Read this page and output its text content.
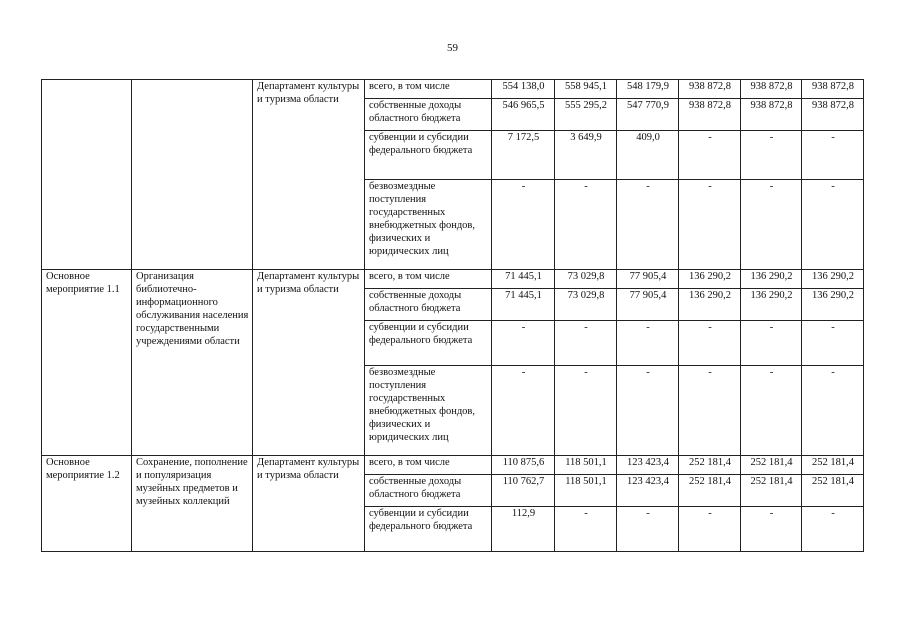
59
		Департамент культуры и туризма области	всего, в том числе	554 138,0	558 945,1	548 179,9	938 872,8	938 872,8	938 872,8
			собственные доходы областного бюджета	546 965,5	555 295,2	547 770,9	938 872,8	938 872,8	938 872,8
			субвенции и субсидии федерального бюджета	7 172,5	3 649,9	409,0	-	-	-
			безвозмездные поступления государственных внебюджетных фондов, физических и юридических лиц	-	-	-	-	-	-
Основное мероприятие 1.1	Организация библиотечно-информационного обслуживания населения государственными учреждениями области	Департамент культуры и туризма области	всего, в том числе	71 445,1	73 029,8	77 905,4	136 290,2	136 290,2	136 290,2
			собственные доходы областного бюджета	71 445,1	73 029,8	77 905,4	136 290,2	136 290,2	136 290,2
			субвенции и субсидии федерального бюджета	-	-	-	-	-	-
			безвозмездные поступления государственных внебюджетных фондов, физических и юридических лиц	-	-	-	-	-	-
Основное мероприятие 1.2	Сохранение, пополнение и популяризация музейных предметов и музейных коллекций	Департамент культуры и туризма области	всего, в том числе	110 875,6	118 501,1	123 423,4	252 181,4	252 181,4	252 181,4
			собственные доходы областного бюджета	110 762,7	118 501,1	123 423,4	252 181,4	252 181,4	252 181,4
			субвенции и субсидии федерального бюджета	112,9	-	-	-	-	-
